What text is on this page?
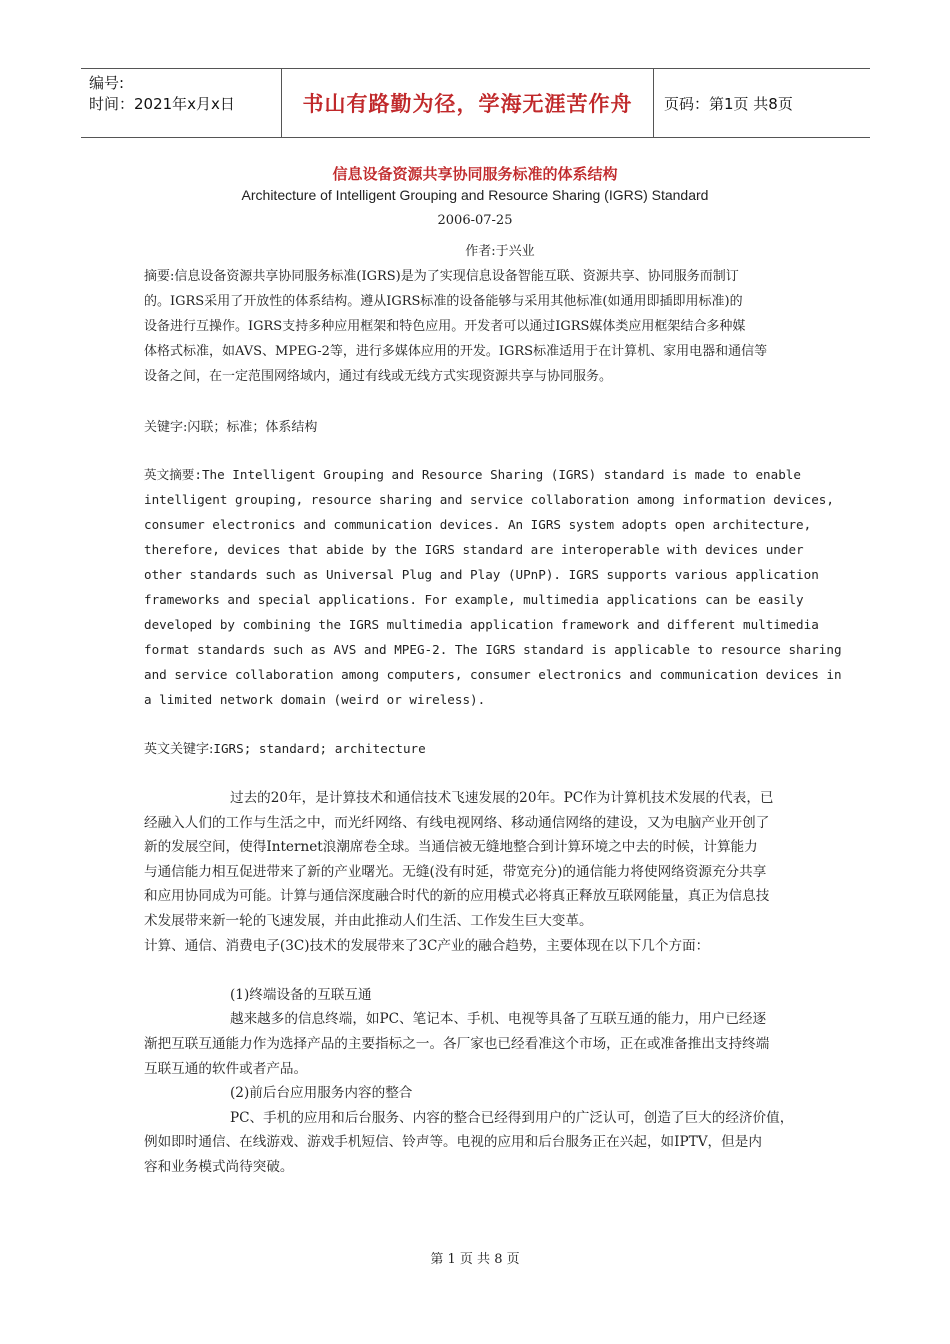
编号:
时间：2021年x月x日	书山有路勤为径，学海无涯苦作舟	页码：第1页 共8页
信息设备资源共享协同服务标准的体系结构
Architecture of Intelligent Grouping and Resource Sharing (IGRS) Standard
2006-07-25
作者:于兴业
摘要:信息设备资源共享协同服务标准(IGRS)是为了实现信息设备智能互联、资源共享、协同服务而制订
的。IGRS采用了开放性的体系结构。遵从IGRS标准的设备能够与采用其他标准(如通用即插即用标准)的
设备进行互操作。IGRS支持多种应用框架和特色应用。开发者可以通过IGRS媒体类应用框架结合多种媒
体格式标准，如AVS、MPEG-2等，进行多媒体应用的开发。IGRS标准适用于在计算机、家用电器和通信等
设备之间，在一定范围网络域内，通过有线或无线方式实现资源共享与协同服务。
关键字:闪联；标准；体系结构
英文摘要:The Intelligent Grouping and Resource Sharing (IGRS) standard is made to enable
intelligent grouping, resource sharing and service collaboration among information devices,
consumer electronics and communication devices. An IGRS system adopts open architecture,
therefore, devices that abide by the IGRS standard are interoperable with devices under
other standards such as Universal Plug and Play (UPnP). IGRS supports various application
frameworks and special applications. For example, multimedia applications can be easily
developed by combining the IGRS multimedia application framework and different multimedia
format standards such as AVS and MPEG-2. The IGRS standard is applicable to resource sharing
and service collaboration among computers, consumer electronics and communication devices in
a limited network domain (weird or wireless).
英文关键字:IGRS; standard; architecture
过去的20年，是计算技术和通信技术飞速发展的20年。PC作为计算机技术发展的代表，已
经融入人们的工作与生活之中，而光纤网络、有线电视网络、移动通信网络的建设，又为电脑产业开创了
新的发展空间，使得Internet浪潮席卷全球。当通信被无缝地整合到计算环境之中去的时候，计算能力
与通信能力相互促进带来了新的产业曙光。无缝(没有时延，带宽充分)的通信能力将使网络资源充分共享
和应用协同成为可能。计算与通信深度融合时代的新的应用模式必将真正释放互联网能量，真正为信息技
术发展带来新一轮的飞速发展，并由此推动人们生活、工作发生巨大变革。
计算、通信、消费电子(3C)技术的发展带来了3C产业的融合趋势，主要体现在以下几个方面：

(1)终端设备的互联互通
越来越多的信息终端，如PC、笔记本、手机、电视等具备了互联互通的能力，用户已经逐
渐把互联互通能力作为选择产品的主要指标之一。各厂家也已经看准这个市场，正在或准备推出支持终端
互联互通的软件或者产品。
(2)前后台应用服务内容的整合
PC、手机的应用和后台服务、内容的整合已经得到用户的广泛认可，创造了巨大的经济价值，
例如即时通信、在线游戏、游戏手机短信、铃声等。电视的应用和后台服务正在兴起，如IPTV，但是内
容和业务模式尚待突破。
第 1 页 共 8 页
